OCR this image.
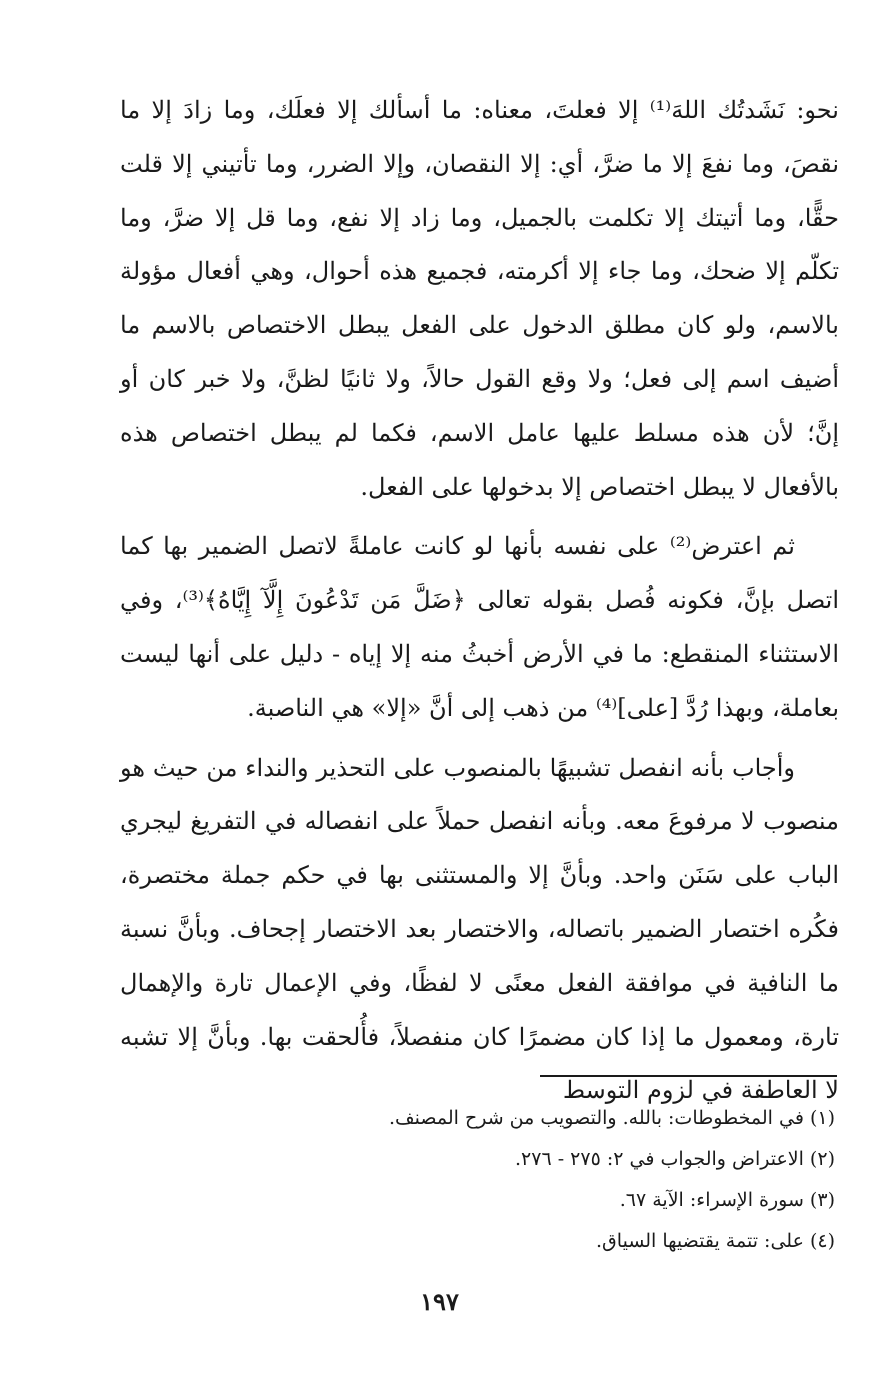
نحو: نَشَدتُك اللهَ⁽¹⁾ إلا فعلتَ، معناه: ما أسألك إلا فعلَك، وما زادَ إلا ما نقصَ، وما نفعَ إلا ما ضرَّ، أي: إلا النقصان، وإلا الضرر، وما تأتيني إلا قلت حقًّا، وما أتيتك إلا تكلمت بالجميل، وما زاد إلا نفع، وما قل إلا ضرَّ، وما تكلّم إلا ضحك، وما جاء إلا أكرمته، فجميع هذه أحوال، وهي أفعال مؤولة بالاسم، ولو كان مطلق الدخول على الفعل يبطل الاختصاص بالاسم ما أضيف اسم إلى فعل؛ ولا وقع القول حالاً، ولا ثانيًا لظنَّ، ولا خبر كان أو إنَّ؛ لأن هذه مسلط عليها عامل الاسم، فكما لم يبطل اختصاص هذه بالأفعال لا يبطل اختصاص إلا بدخولها على الفعل.

ثم اعترض⁽²⁾ على نفسه بأنها لو كانت عاملةً لاتصل الضمير بها كما اتصل بإنَّ، فكونه فُصل بقوله تعالى ﴿ضَلَّ مَن تَدْعُونَ إِلَّآ إِيَّاهُ﴾⁽³⁾، وفي الاستثناء المنقطع: ما في الأرض أخبثُ منه إلا إياه - دليل على أنها ليست بعاملة، وبهذا رُدَّ [على]⁽⁴⁾ من ذهب إلى أنَّ «إلا» هي الناصبة.

وأجاب بأنه انفصل تشبيهًا بالمنصوب على التحذير والنداء من حيث هو منصوب لا مرفوعَ معه. وبأنه انفصل حملاً على انفصاله في التفريغ ليجري الباب على سَنَن واحد. وبأنَّ إلا والمستثنى بها في حكم جملة مختصرة، فكُره اختصار الضمير باتصاله، والاختصار بعد الاختصار إجحاف. وبأنَّ نسبة ما النافية في موافقة الفعل معنًى لا لفظًا، وفي الإعمال تارة والإهمال تارة، ومعمول ما إذا كان مضمرًا كان منفصلاً، فأُلحقت بها. وبأنَّ إلا تشبه لا العاطفة في لزوم التوسط

(١) في المخطوطات: بالله. والتصويب من شرح المصنف.
(٢) الاعتراض والجواب في ٢: ٢٧٥ - ٢٧٦.
(٣) سورة الإسراء: الآية ٦٧.
(٤) على: تتمة يقتضيها السياق.
١٩٧
